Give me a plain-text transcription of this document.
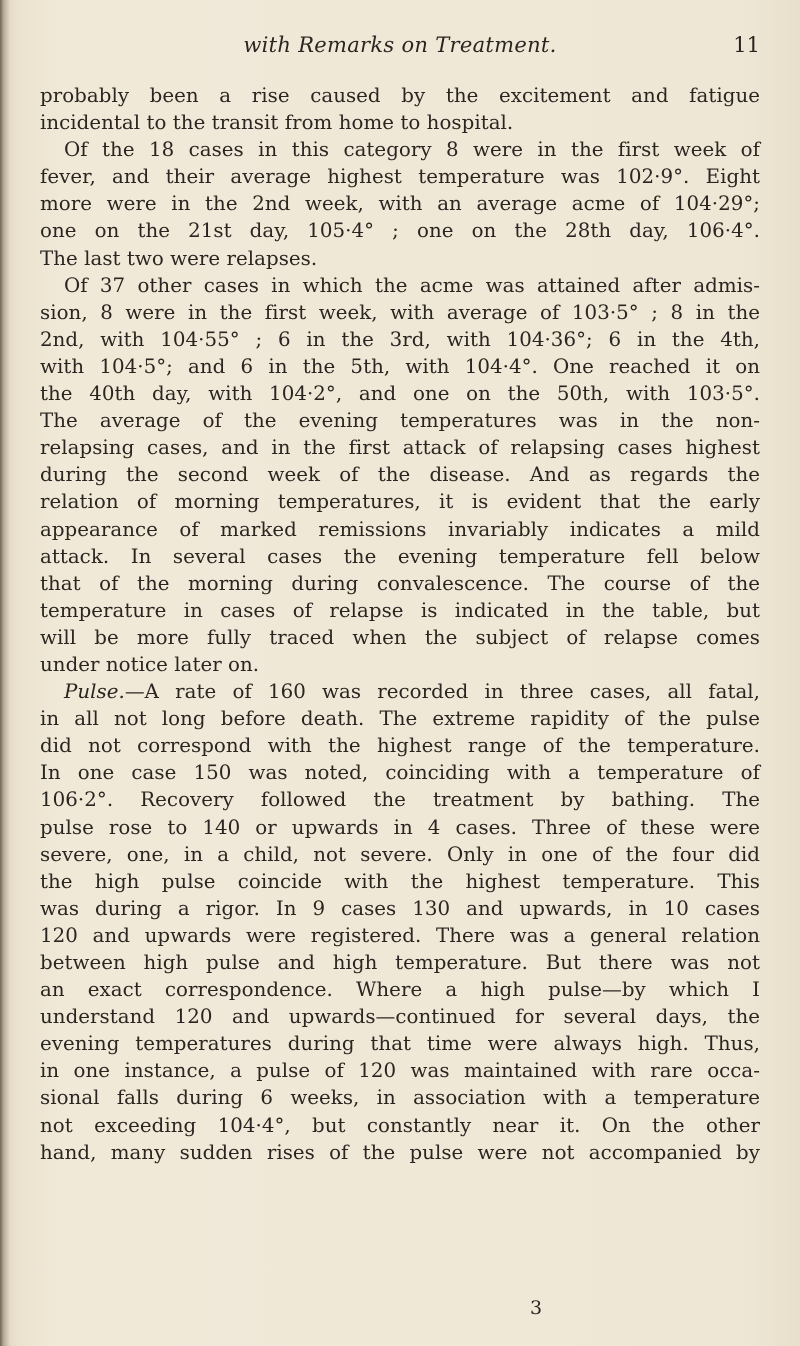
with Remarks on Treatment.	11
probably been a rise caused by the excitement and fatigue
incidental to the transit from home to hospital.
Of the 18 cases in this category 8 were in the first week of
fever, and their average highest temperature was 102·9°. Eight
more were in the 2nd week, with an average acme of 104·29°;
one on the 21st day, 105·4° ; one on the 28th day, 106·4°.
The last two were relapses.
Of 37 other cases in which the acme was attained after admis-
sion, 8 were in the first week, with average of 103·5° ; 8 in the
2nd, with 104·55° ; 6 in the 3rd, with 104·36°; 6 in the 4th,
with 104·5°; and 6 in the 5th, with 104·4°. One reached it on
the 40th day, with 104·2°, and one on the 50th, with 103·5°.
The average of the evening temperatures was in the non-
relapsing cases, and in the first attack of relapsing cases highest
during the second week of the disease. And as regards the
relation of morning temperatures, it is evident that the early
appearance of marked remissions invariably indicates a mild
attack. In several cases the evening temperature fell below
that of the morning during convalescence. The course of the
temperature in cases of relapse is indicated in the table, but
will be more fully traced when the subject of relapse comes
under notice later on.
Pulse.—A rate of 160 was recorded in three cases, all fatal,
in all not long before death. The extreme rapidity of the pulse
did not correspond with the highest range of the temperature.
In one case 150 was noted, coinciding with a temperature of
106·2°. Recovery followed the treatment by bathing. The
pulse rose to 140 or upwards in 4 cases. Three of these were
severe, one, in a child, not severe. Only in one of the four did
the high pulse coincide with the highest temperature. This
was during a rigor. In 9 cases 130 and upwards, in 10 cases
120 and upwards were registered. There was a general relation
between high pulse and high temperature. But there was not
an exact correspondence. Where a high pulse—by which I
understand 120 and upwards—continued for several days, the
evening temperatures during that time were always high. Thus,
in one instance, a pulse of 120 was maintained with rare occa-
sional falls during 6 weeks, in association with a temperature
not exceeding 104·4°, but constantly near it. On the other
hand, many sudden rises of the pulse were not accompanied by
3
